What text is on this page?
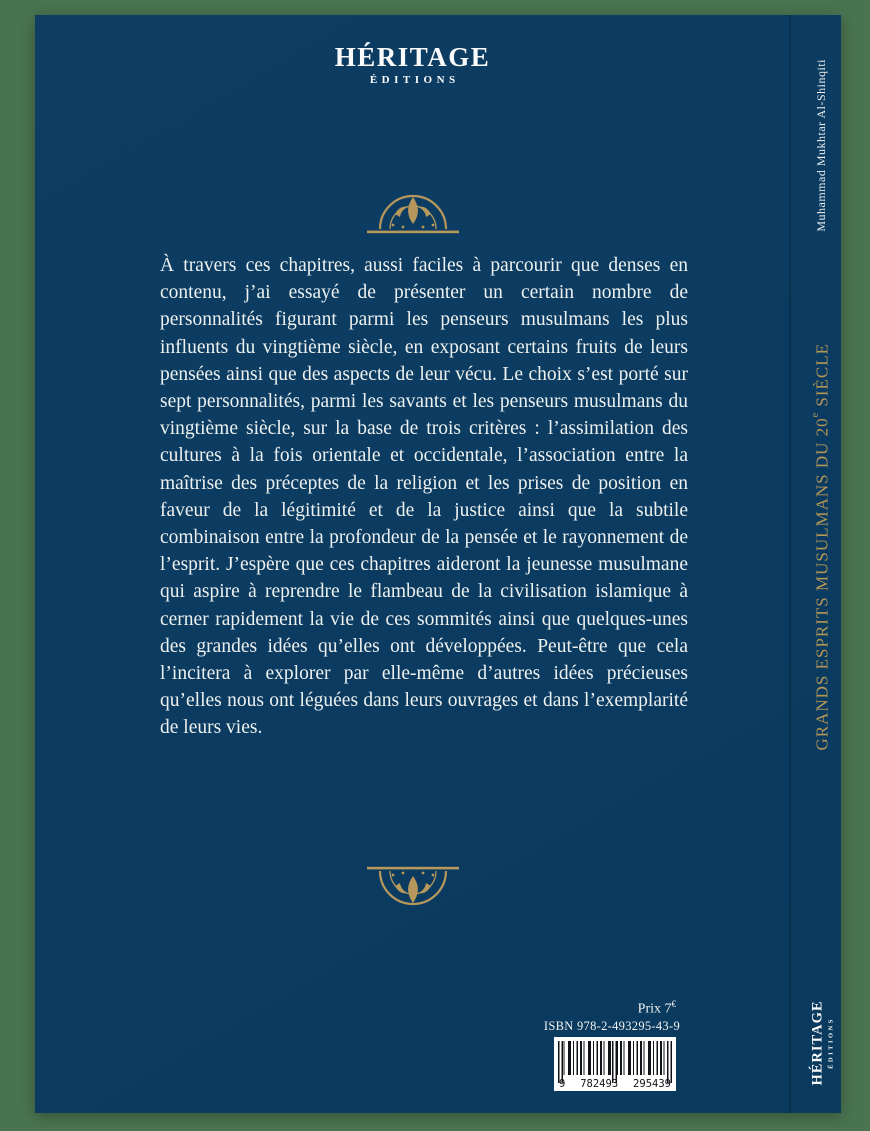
HÉRITAGE
ÉDITIONS

À travers ces chapitres, aussi faciles à parcourir que denses en contenu, j’ai essayé de présenter un certain nombre de personnalités figurant parmi les penseurs musulmans les plus influents du vingtième siècle, en exposant certains fruits de leurs pensées ainsi que des aspects de leur vécu. Le choix s’est porté sur sept personnalités, parmi les savants et les penseurs musulmans du vingtième siècle, sur la base de trois critères : l’assimilation des cultures à la fois orientale et occidentale, l’association entre la maîtrise des préceptes de la religion et les prises de position en faveur de la légitimité et de la justice ainsi que la subtile combinaison entre la profondeur de la pensée et le rayonnement de l’esprit. J’espère que ces chapitres aideront la jeunesse musulmane qui aspire à reprendre le flambeau de la civilisation islamique à cerner rapidement la vie de ces sommités ainsi que quelques-unes des grandes idées qu’elles ont développées. Peut-être que cela l’incitera à explorer par elle-même d’autres idées précieuses qu’elles nous ont léguées dans leurs ouvrages et dans l’exemplarité de leurs vies.

Prix 7€
ISBN 978-2-493295-43-9
9 782493 295439
Muhammad Mukhtar Al-Shinqiti
GRANDS ESPRITS MUSULMANS DU 20e SIÈCLE
HÉRITAGE ÉDITIONS
